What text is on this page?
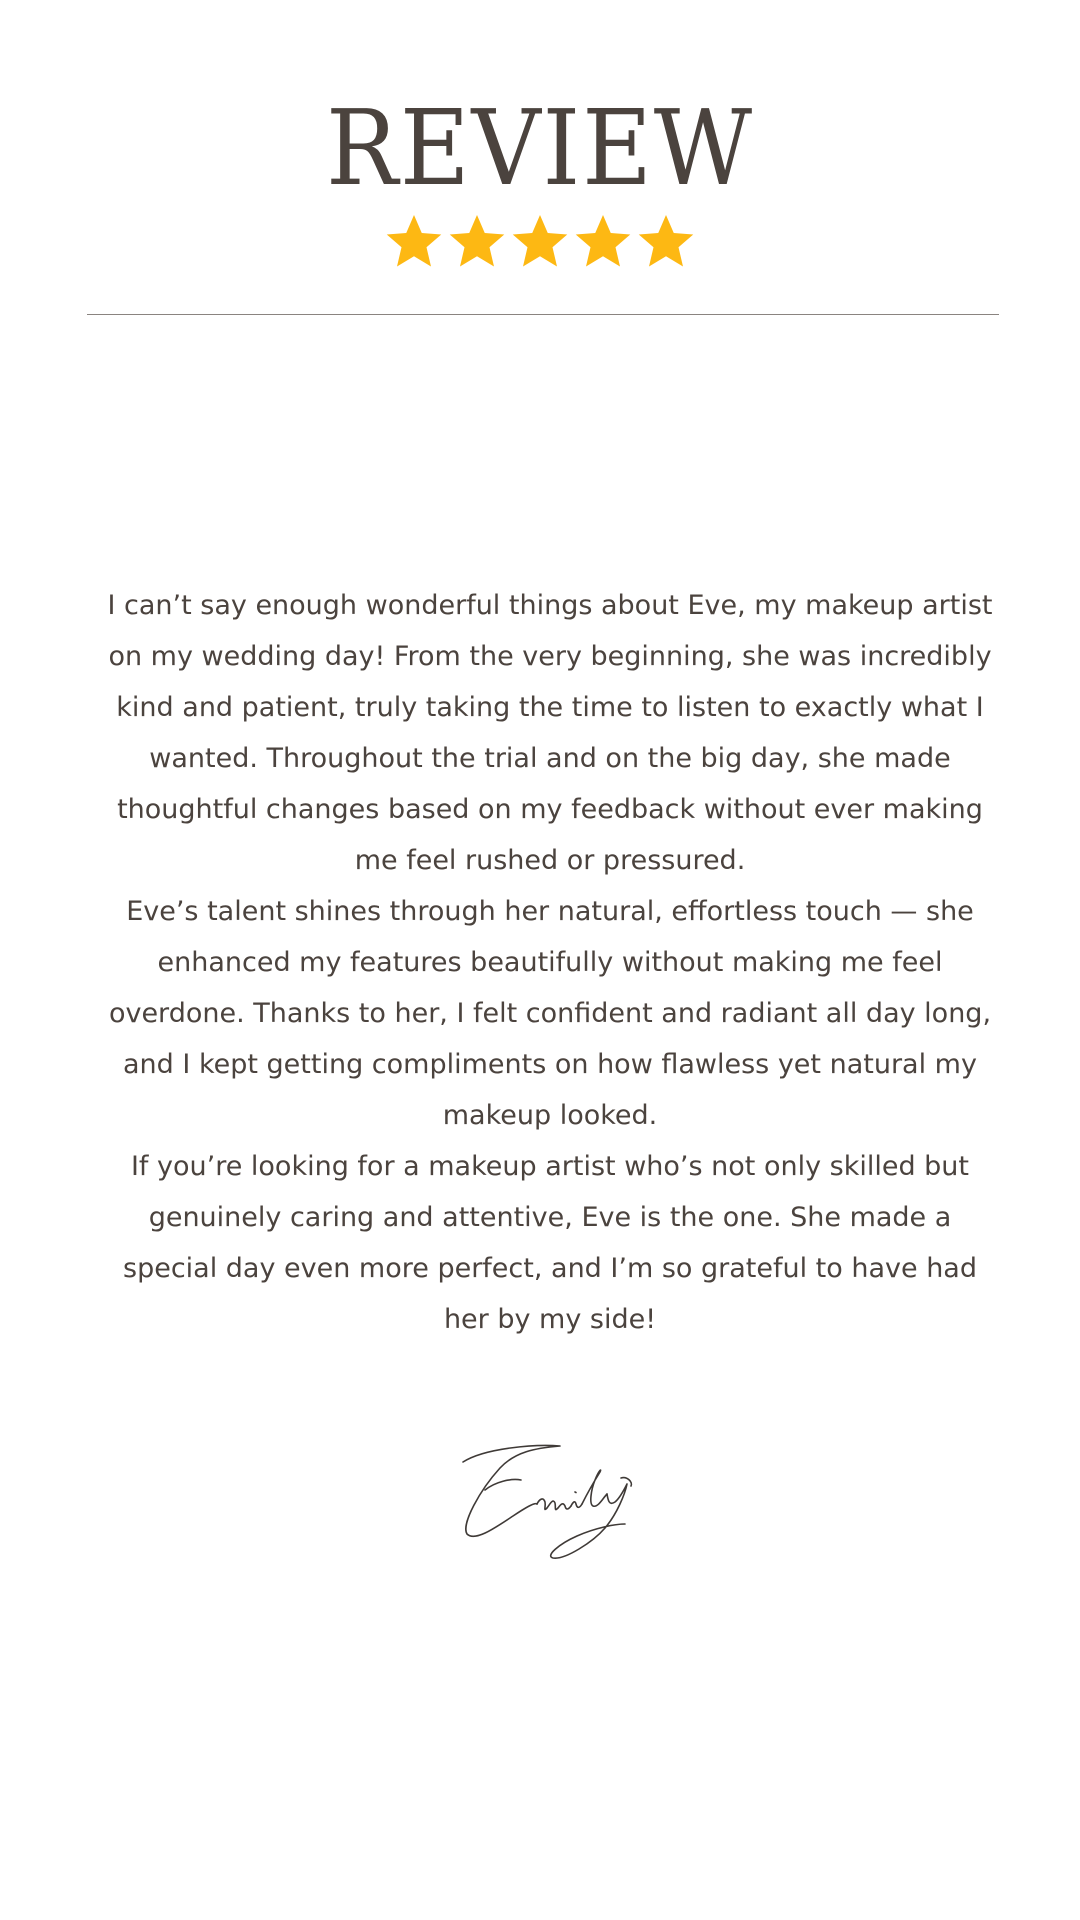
REVIEW

I can’t say enough wonderful things about Eve, my makeup artist on my wedding day! From the very beginning, she was incredibly kind and patient, truly taking the time to listen to exactly what I wanted. Throughout the trial and on the big day, she made thoughtful changes based on my feedback without ever making me feel rushed or pressured.

Eve’s talent shines through her natural, effortless touch — she enhanced my features beautifully without making me feel overdone. Thanks to her, I felt confident and radiant all day long, and I kept getting compliments on how flawless yet natural my makeup looked.

If you’re looking for a makeup artist who’s not only skilled but genuinely caring and attentive, Eve is the one. She made a special day even more perfect, and I’m so grateful to have had her by my side!
